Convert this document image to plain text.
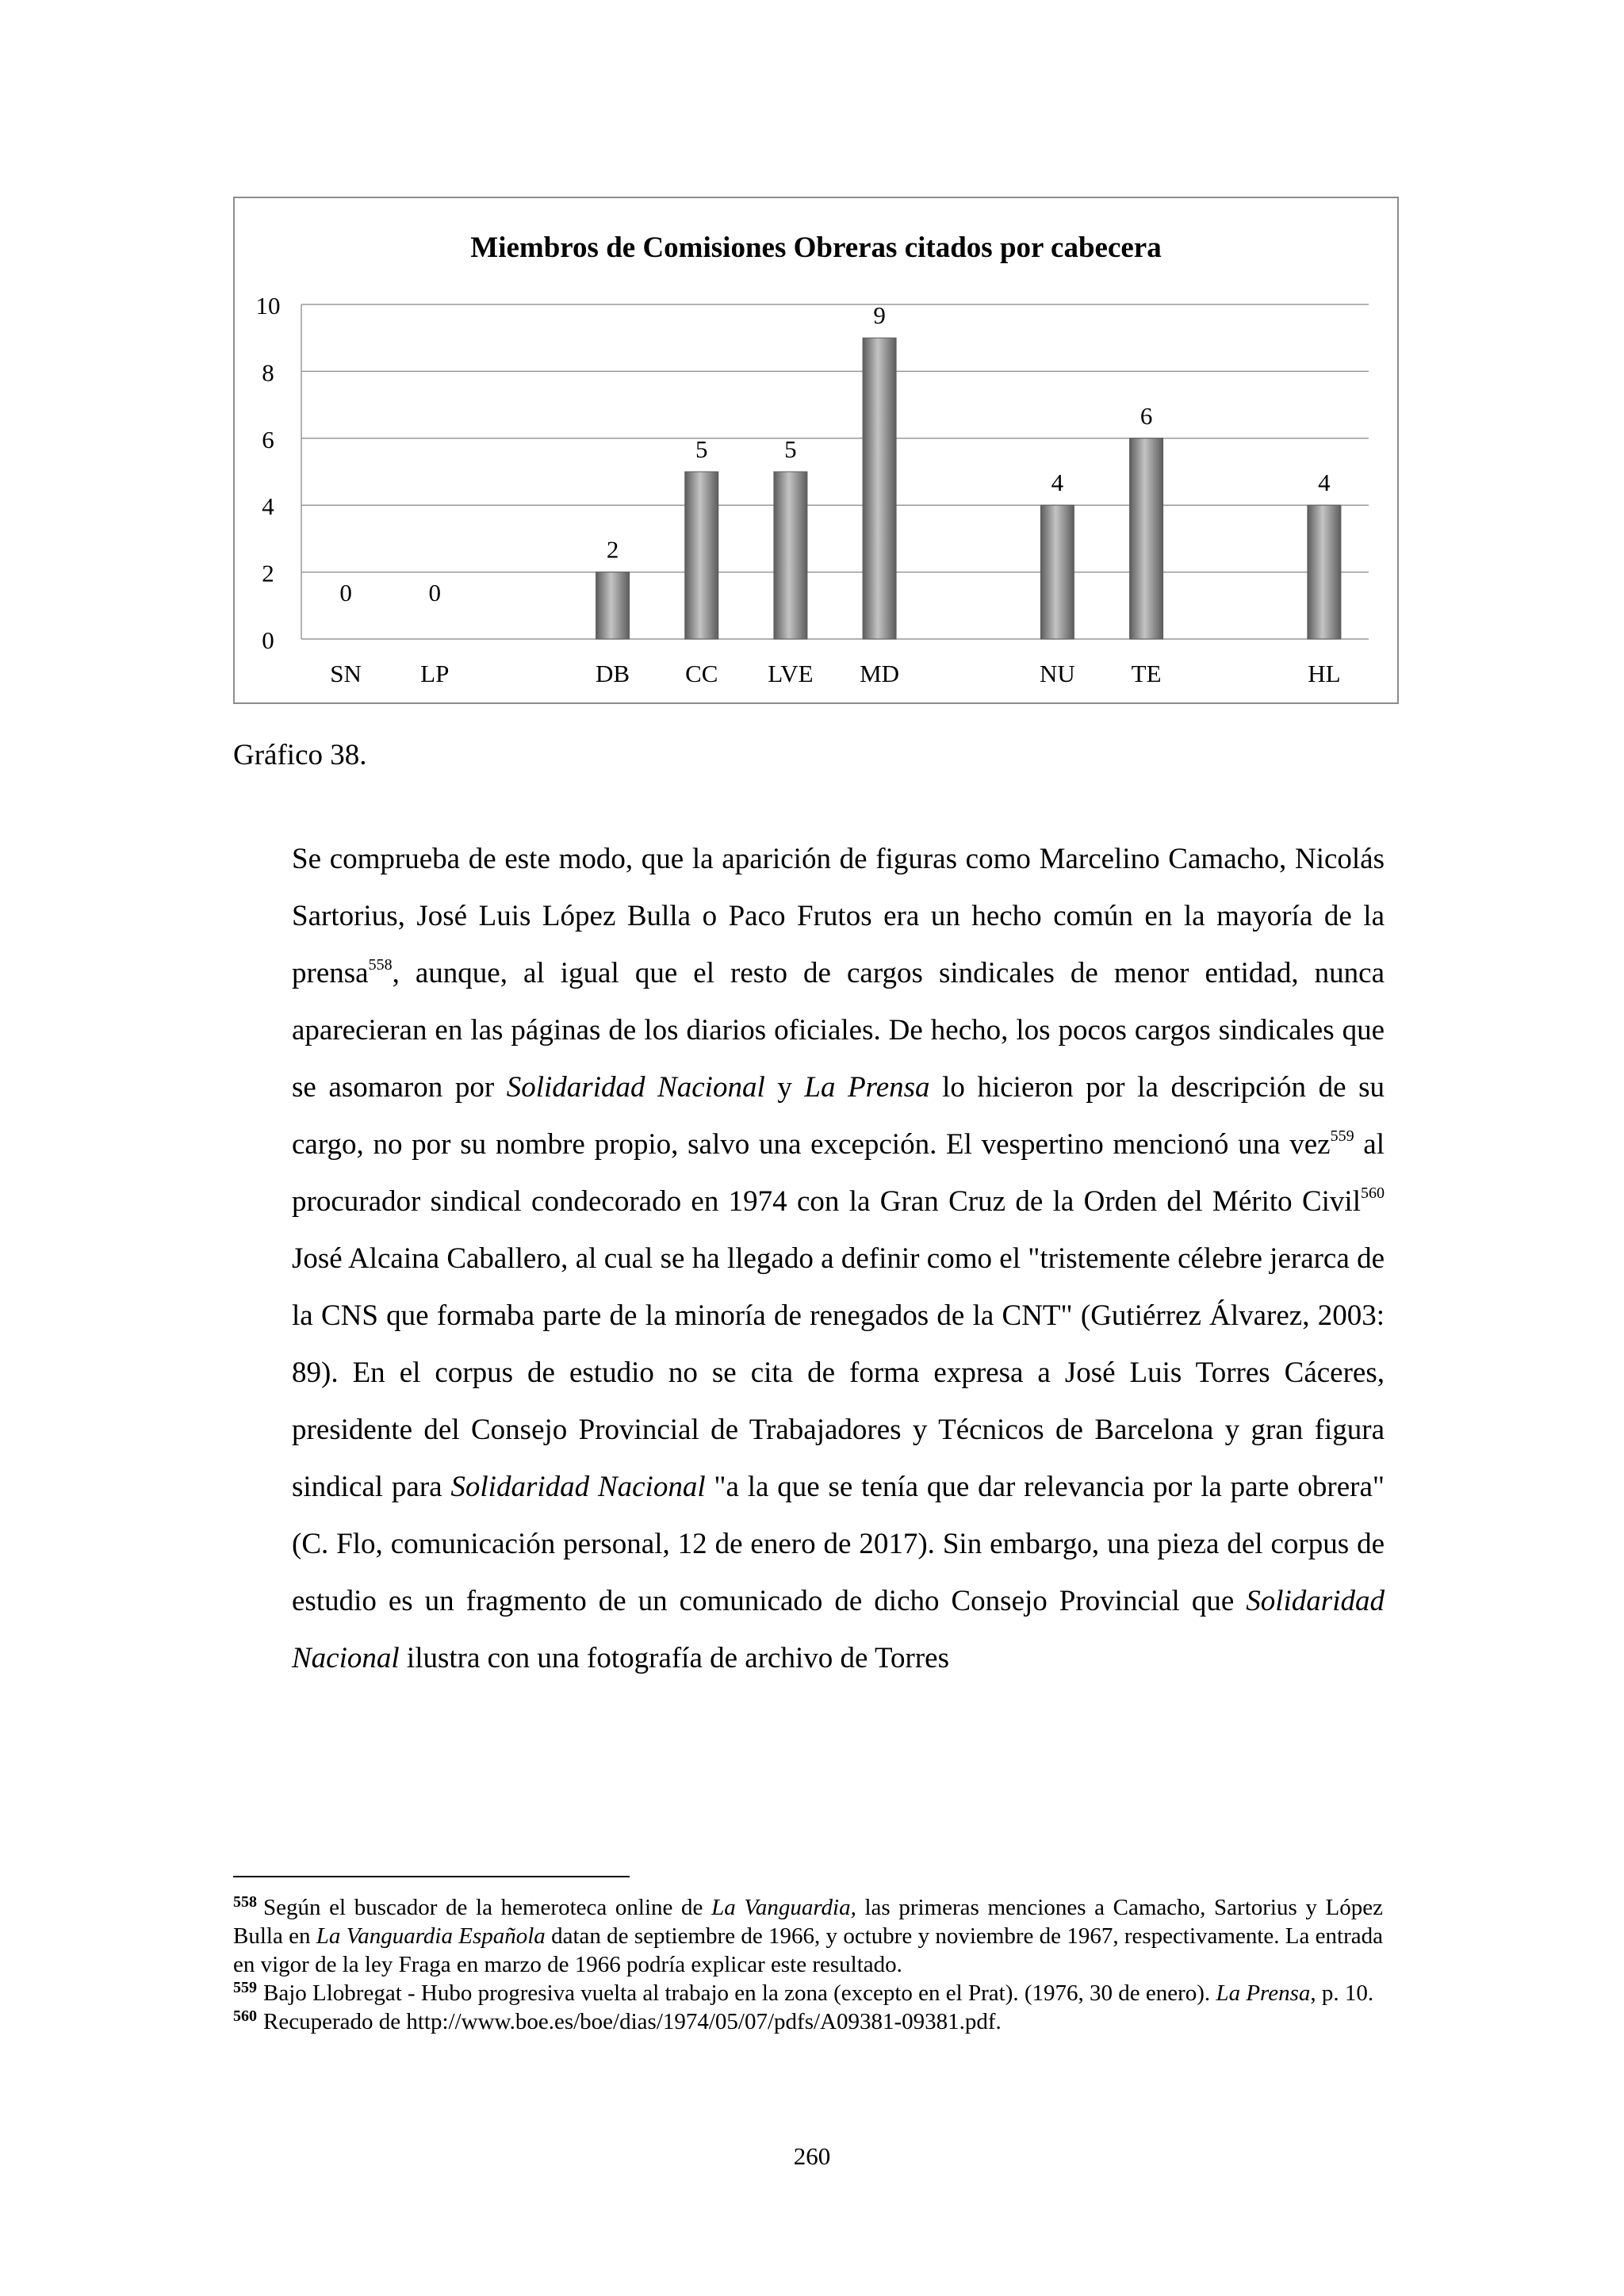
Miembros de Comisiones Obreras citados por cabecera
0
2
4
6
8
10
SN
0
LP
0
DB
2
CC
5
LVE
5
MD
9
NU
4
TE
6
HL
4
Gráfico 38.

Se comprueba de este modo, que la aparición de figuras como Marcelino Camacho, Nicolás Sartorius, José Luis López Bulla o Paco Frutos era un hecho común en la mayoría de la prensa$^{558}$, aunque, al igual que el resto de cargos sindicales de menor entidad, nunca aparecieran en las páginas de los diarios oficiales. De hecho, los pocos cargos sindicales que se asomaron por Solidaridad Nacional y La Prensa lo hicieron por la descripción de su cargo, no por su nombre propio, salvo una excepción. El vespertino mencionó una vez$^{559}$ al procurador sindical condecorado en 1974 con la Gran Cruz de la Orden del Mérito Civil$^{560}$ José Alcaina Caballero, al cual se ha llegado a definir como el "tristemente célebre jerarca de la CNS que formaba parte de la minoría de renegados de la CNT" (Gutiérrez Álvarez, 2003: 89). En el corpus de estudio no se cita de forma expresa a José Luis Torres Cáceres, presidente del Consejo Provincial de Trabajadores y Técnicos de Barcelona y gran figura sindical para Solidaridad Nacional "a la que se tenía que dar relevancia por la parte obrera" (C. Flo, comunicación personal, 12 de enero de 2017). Sin embargo, una pieza del corpus de estudio es un fragmento de un comunicado de dicho Consejo Provincial que Solidaridad Nacional ilustra con una fotografía de archivo de Torres

$^{558}$ Según el buscador de la hemeroteca online de La Vanguardia, las primeras menciones a Camacho, Sartorius y López Bulla en La Vanguardia Española datan de septiembre de 1966, y octubre y noviembre de 1967, respectivamente. La entrada en vigor de la ley Fraga en marzo de 1966 podría explicar este resultado.

$^{559}$ Bajo Llobregat - Hubo progresiva vuelta al trabajo en la zona (excepto en el Prat). (1976, 30 de enero). La Prensa, p. 10.

$^{560}$ Recuperado de http://www.boe.es/boe/dias/1974/05/07/pdfs/A09381-09381.pdf.

260
